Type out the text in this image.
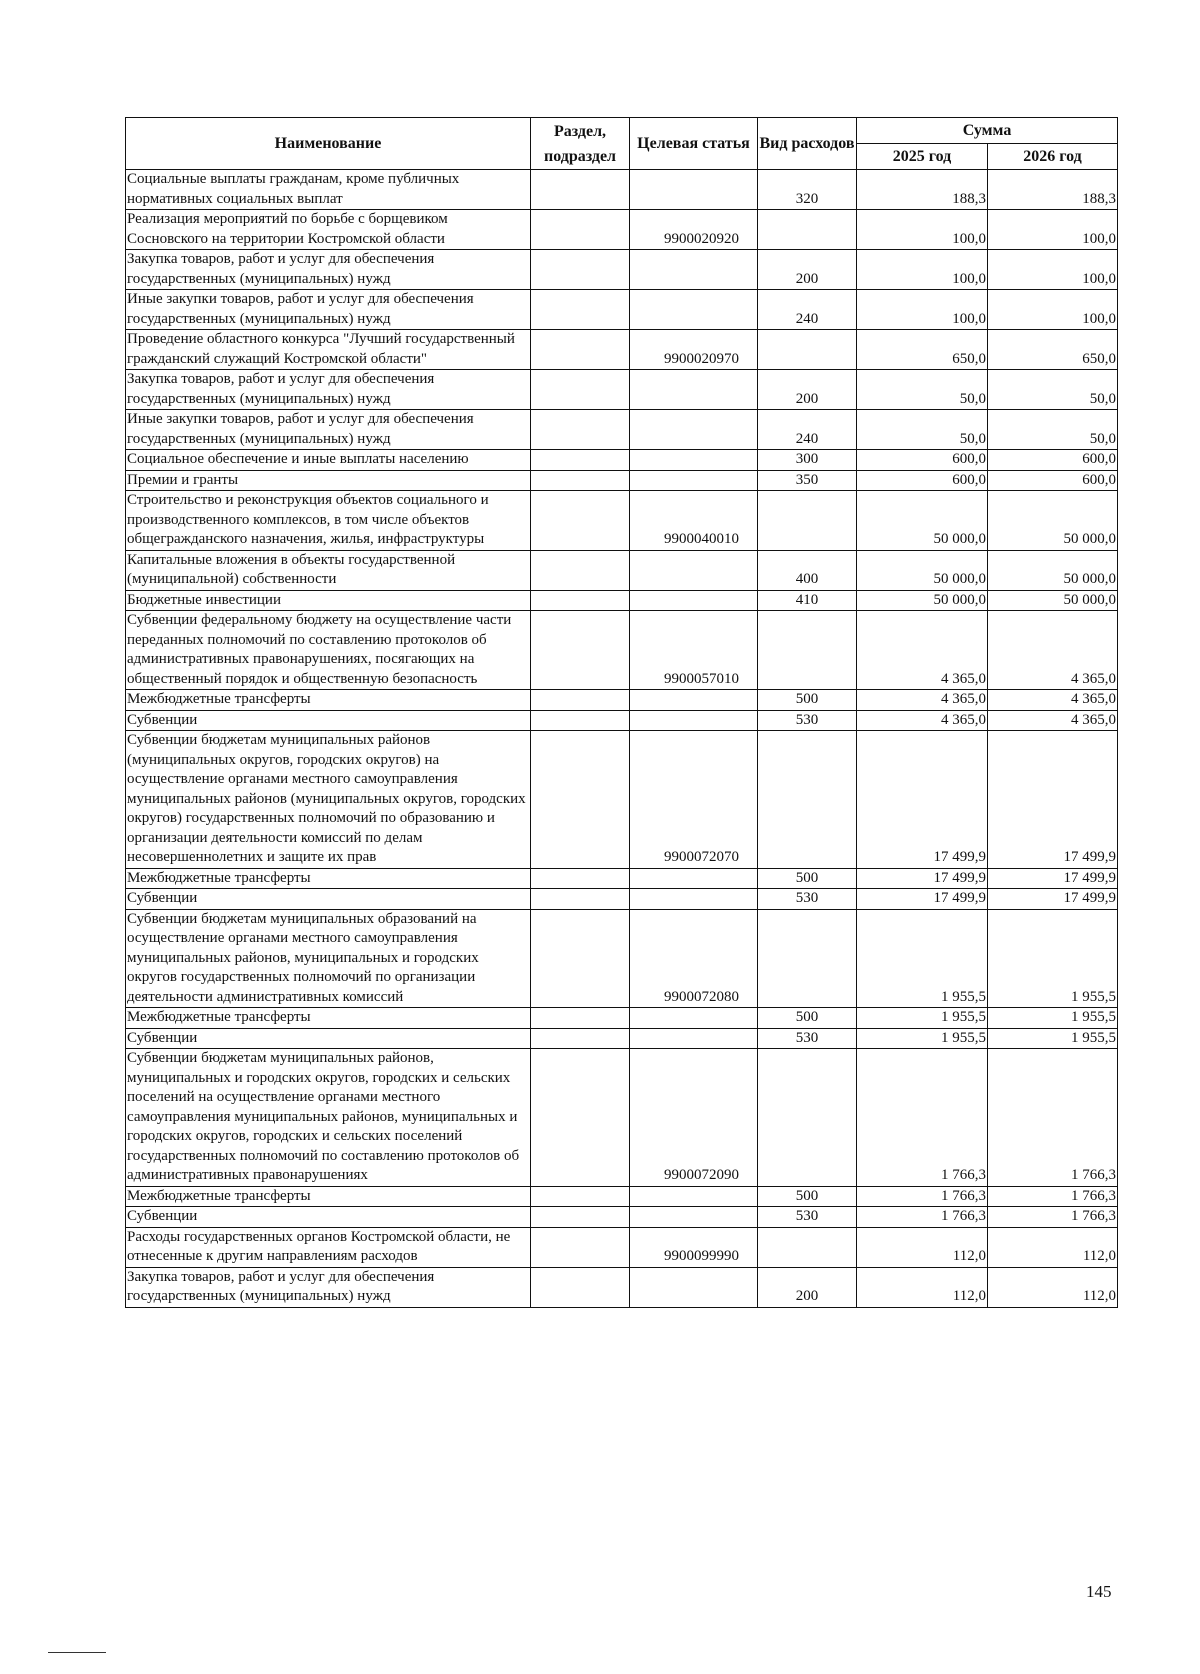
Наименование	Раздел, подраздел	Целевая статья	Вид расходов	Сумма	
				2025 год	2026 год
Социальные выплаты гражданам, кроме публичных нормативных социальных выплат			320	188,3	188,3
Реализация мероприятий по борьбе с борщевиком Сосновского на территории Костромской области		9900020920		100,0	100,0
Закупка товаров, работ и услуг для обеспечения государственных (муниципальных) нужд			200	100,0	100,0
Иные закупки товаров, работ и услуг для обеспечения государственных (муниципальных) нужд			240	100,0	100,0
Проведение областного конкурса "Лучший государственный гражданский служащий Костромской области"		9900020970		650,0	650,0
Закупка товаров, работ и услуг для обеспечения государственных (муниципальных) нужд			200	50,0	50,0
Иные закупки товаров, работ и услуг для обеспечения государственных (муниципальных) нужд			240	50,0	50,0
Социальное обеспечение и иные выплаты населению			300	600,0	600,0
Премии и гранты			350	600,0	600,0
Строительство и реконструкция объектов социального и производственного комплексов, в том числе объектов общегражданского назначения, жилья, инфраструктуры		9900040010		50 000,0	50 000,0
Капитальные вложения в объекты государственной (муниципальной) собственности			400	50 000,0	50 000,0
Бюджетные инвестиции			410	50 000,0	50 000,0
Субвенции федеральному бюджету на осуществление части переданных полномочий по составлению протоколов об административных правонарушениях, посягающих на общественный порядок и общественную безопасность		9900057010		4 365,0	4 365,0
Межбюджетные трансферты			500	4 365,0	4 365,0
Субвенции			530	4 365,0	4 365,0
Субвенции бюджетам муниципальных районов (муниципальных округов, городских округов) на осуществление органами местного самоуправления муниципальных районов (муниципальных округов, городских округов) государственных полномочий по образованию и организации деятельности комиссий по делам несовершеннолетних и защите их прав		9900072070		17 499,9	17 499,9
Межбюджетные трансферты			500	17 499,9	17 499,9
Субвенции			530	17 499,9	17 499,9
Субвенции бюджетам муниципальных образований на осуществление органами местного самоуправления муниципальных районов, муниципальных и городских округов государственных полномочий по организации деятельности административных комиссий		9900072080		1 955,5	1 955,5
Межбюджетные трансферты			500	1 955,5	1 955,5
Субвенции			530	1 955,5	1 955,5
Субвенции бюджетам муниципальных районов, муниципальных и городских округов, городских и сельских поселений на осуществление органами местного самоуправления муниципальных районов, муниципальных и городских округов, городских и сельских поселений государственных полномочий по составлению протоколов об административных правонарушениях		9900072090		1 766,3	1 766,3
Межбюджетные трансферты			500	1 766,3	1 766,3
Субвенции			530	1 766,3	1 766,3
Расходы государственных органов Костромской области, не отнесенные к другим направлениям расходов		9900099990		112,0	112,0
Закупка товаров, работ и услуг для обеспечения государственных (муниципальных) нужд			200	112,0	112,0
145
